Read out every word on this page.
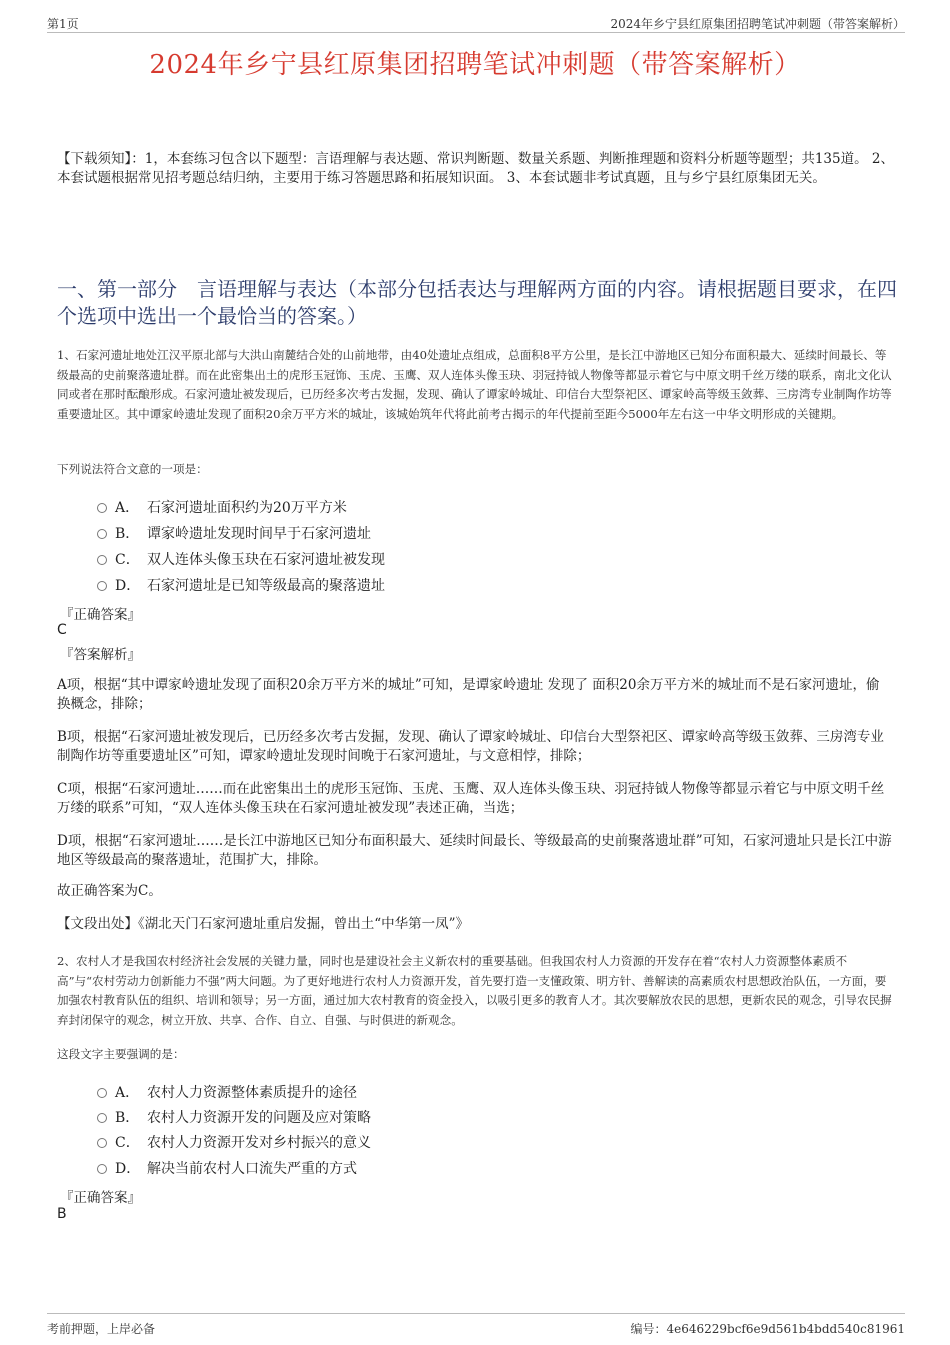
第1页	2024年乡宁县红原集团招聘笔试冲刺题（带答案解析）
2024年乡宁县红原集团招聘笔试冲刺题（带答案解析）
【下载须知】：1，本套练习包含以下题型：言语理解与表达题、常识判断题、数量关系题、判断推理题和资料分析题等题型；共135道。 2、本套试题根据常见招考题总结归纳，主要用于练习答题思路和拓展知识面。 3、本套试题非考试真题，且与乡宁县红原集团无关。
一、第一部分　言语理解与表达（本部分包括表达与理解两方面的内容。请根据题目要求，在四个选项中选出一个最恰当的答案。）
1、石家河遗址地处江汉平原北部与大洪山南麓结合处的山前地带，由40处遗址点组成，总面积8平方公里，是长江中游地区已知分布面积最大、延续时间最长、等级最高的史前聚落遗址群。而在此密集出土的虎形玉冠饰、玉虎、玉鹰、双人连体头像玉玦、羽冠持钺人物像等都显示着它与中原文明千丝万缕的联系，南北文化认同或者在那时酝酿形成。石家河遗址被发现后，已历经多次考古发掘，发现、确认了谭家岭城址、印信台大型祭祀区、谭家岭高等级玉敛葬、三房湾专业制陶作坊等重要遗址区。其中谭家岭遗址发现了面积20余万平方米的城址，该城始筑年代将此前考古揭示的年代提前至距今5000年左右这一中华文明形成的关键期。
下列说法符合文意的一项是：
A． 石家河遗址面积约为20万平方米
B． 谭家岭遗址发现时间早于石家河遗址
C． 双人连体头像玉玦在石家河遗址被发现
D． 石家河遗址是已知等级最高的聚落遗址
『正确答案』
C
『答案解析』
A项，根据“其中谭家岭遗址发现了面积20余万平方米的城址”可知，是谭家岭遗址 发现了 面积20余万平方米的城址而不是石家河遗址，偷换概念，排除；
B项，根据“石家河遗址被发现后，已历经多次考古发掘，发现、确认了谭家岭城址、印信台大型祭祀区、谭家岭高等级玉敛葬、三房湾专业制陶作坊等重要遗址区”可知，谭家岭遗址发现时间晚于石家河遗址，与文意相悖，排除；
C项，根据“石家河遗址……而在此密集出土的虎形玉冠饰、玉虎、玉鹰、双人连体头像玉玦、羽冠持钺人物像等都显示着它与中原文明千丝万缕的联系”可知，“双人连体头像玉玦在石家河遗址被发现”表述正确，当选；
D项，根据“石家河遗址……是长江中游地区已知分布面积最大、延续时间最长、等级最高的史前聚落遗址群”可知，石家河遗址只是长江中游地区等级最高的聚落遗址，范围扩大，排除。
故正确答案为C。
【文段出处】《湖北天门石家河遗址重启发掘，曾出土“中华第一凤”》
2、农村人才是我国农村经济社会发展的关键力量，同时也是建设社会主义新农村的重要基础。但我国农村人力资源的开发存在着“农村人力资源整体素质不高”与“农村劳动力创新能力不强”两大问题。为了更好地进行农村人力资源开发，首先要打造一支懂政策、明方针、善解读的高素质农村思想政治队伍，一方面，要加强农村教育队伍的组织、培训和领导；另一方面，通过加大农村教育的资金投入，以吸引更多的教育人才。其次要解放农民的思想，更新农民的观念，引导农民摒弃封闭保守的观念，树立开放、共享、合作、自立、自强、与时俱进的新观念。
这段文字主要强调的是：
A． 农村人力资源整体素质提升的途径
B． 农村人力资源开发的问题及应对策略
C． 农村人力资源开发对乡村振兴的意义
D． 解决当前农村人口流失严重的方式
『正确答案』
B
考前押题，上岸必备	编号：4e646229bcf6e9d561b4bdd540c81961
